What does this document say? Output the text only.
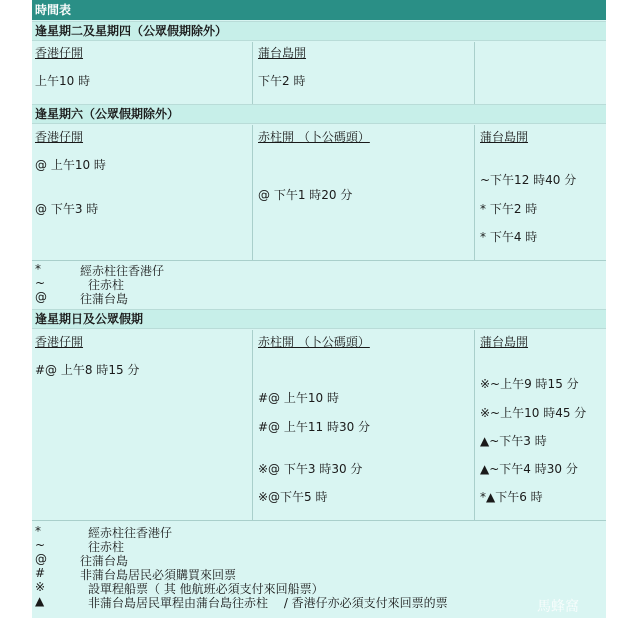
時間表
逢星期二及星期四（公眾假期除外）
香港仔開
上午10 時
蒲台島開
下午2 時
逢星期六（公眾假期除外）
香港仔開
@ 上午10 時
@ 下午3 時
赤柱開 （卜公碼頭）
@ 下午1 時20 分
蒲台島開
~下午12 時40 分
* 下午2 時
* 下午4 時
*	經赤柱往香港仔
~	往赤柱
@	往蒲台島
逢星期日及公眾假期
香港仔開
#@ 上午8 時15 分
赤柱開 （卜公碼頭）
#@ 上午10 時
#@ 上午11 時30 分
※@ 下午3 時30 分
※@下午5 時
蒲台島開
※~上午9 時15 分
※~上午10 時45 分
▲~下午3 時
▲~下午4 時30 分
*▲下午6 時
*	經赤柱往香港仔
~	往赤柱
@	往蒲台島
#	非蒲台島居民必須購買來回票
※	設單程船票（ 其 他航班必須支付來回船票）
▲	非蒲台島居民單程由蒲台島往赤柱　 / 香港仔亦必須支付來回票的票	馬蜂窩
